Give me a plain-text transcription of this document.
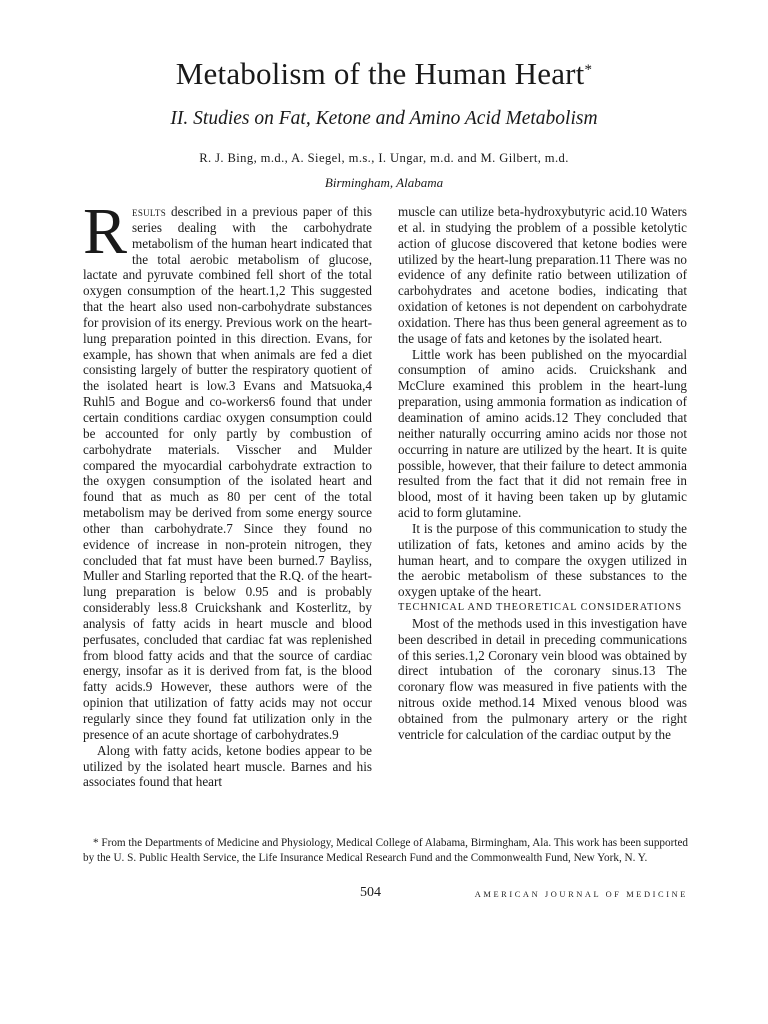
Metabolism of the Human Heart*
II. Studies on Fat, Ketone and Amino Acid Metabolism
R. J. Bing, m.d., A. Siegel, m.s., I. Ungar, m.d. and M. Gilbert, m.d.
Birmingham, Alabama

Results described in a previous paper of this series dealing with the carbohydrate metabolism of the human heart indicated that the total aerobic metabolism of glucose, lactate and pyruvate combined fell short of the total oxygen consumption of the heart.1,2 This suggested that the heart also used non-carbohydrate substances for provision of its energy. Previous work on the heart-lung preparation pointed in this direction. Evans, for example, has shown that when animals are fed a diet consisting largely of butter the respiratory quotient of the isolated heart is low.3 Evans and Matsuoka,4 Ruhl5 and Bogue and co-workers6 found that under certain conditions cardiac oxygen consumption could be accounted for only partly by combustion of carbohydrate materials. Visscher and Mulder compared the myocardial carbohydrate extraction to the oxygen consumption of the isolated heart and found that as much as 80 per cent of the total metabolism may be derived from some energy source other than carbohydrate.7 Since they found no evidence of increase in non-protein nitrogen, they concluded that fat must have been burned.7 Bayliss, Muller and Starling reported that the R.Q. of the heart-lung preparation is below 0.95 and is probably considerably less.8 Cruickshank and Kosterlitz, by analysis of fatty acids in heart muscle and blood perfusates, concluded that cardiac fat was replenished from blood fatty acids and that the source of cardiac energy, insofar as it is derived from fat, is the blood fatty acids.9 However, these authors were of the opinion that utilization of fatty acids may not occur regularly since they found fat utilization only in the presence of an acute shortage of carbohydrates.9

Along with fatty acids, ketone bodies appear to be utilized by the isolated heart muscle. Barnes and his associates found that heart

muscle can utilize beta-hydroxybutyric acid.10 Waters et al. in studying the problem of a possible ketolytic action of glucose discovered that ketone bodies were utilized by the heart-lung preparation.11 There was no evidence of any definite ratio between utilization of carbohydrates and acetone bodies, indicating that oxidation of ketones is not dependent on carbohydrate oxidation. There has thus been general agreement as to the usage of fats and ketones by the isolated heart.

Little work has been published on the myocardial consumption of amino acids. Cruickshank and McClure examined this problem in the heart-lung preparation, using ammonia formation as indication of deamination of amino acids.12 They concluded that neither naturally occurring amino acids nor those not occurring in nature are utilized by the heart. It is quite possible, however, that their failure to detect ammonia resulted from the fact that it did not remain free in blood, most of it having been taken up by glutamic acid to form glutamine.

It is the purpose of this communication to study the utilization of fats, ketones and amino acids by the human heart, and to compare the oxygen utilized in the aerobic metabolism of these substances to the oxygen uptake of the heart.

TECHNICAL AND THEORETICAL CONSIDERATIONS

Most of the methods used in this investigation have been described in detail in preceding communications of this series.1,2 Coronary vein blood was obtained by direct intubation of the coronary sinus.13 The coronary flow was measured in five patients with the nitrous oxide method.14 Mixed venous blood was obtained from the pulmonary artery or the right ventricle for calculation of the cardiac output by the

* From the Departments of Medicine and Physiology, Medical College of Alabama, Birmingham, Ala. This work has been supported by the U. S. Public Health Service, the Life Insurance Medical Research Fund and the Commonwealth Fund, New York, N. Y.
504	AMERICAN JOURNAL OF MEDICINE
